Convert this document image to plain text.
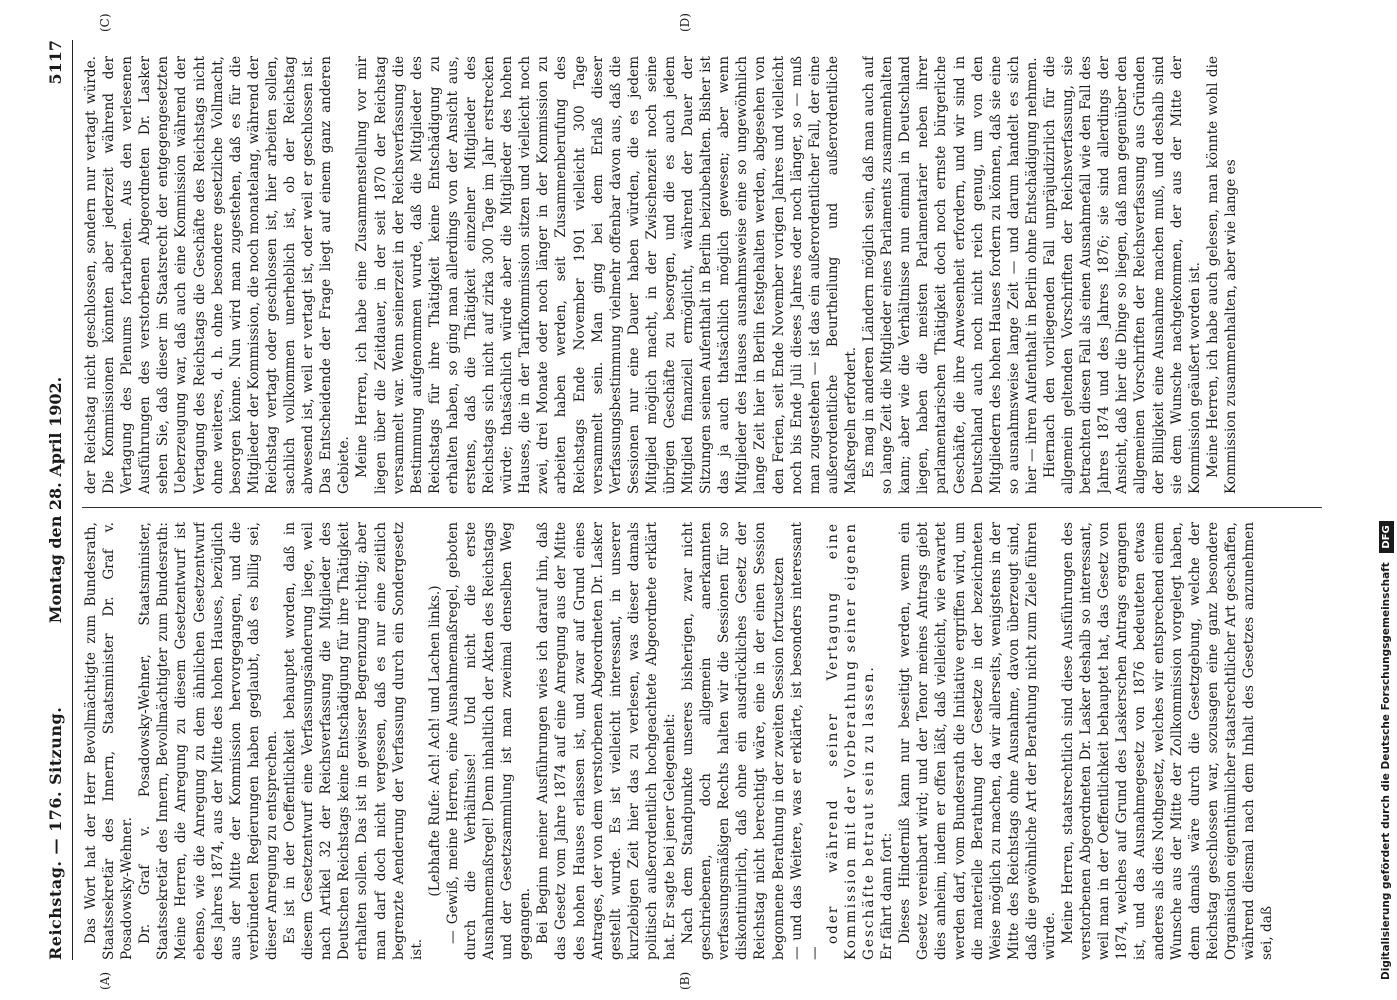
Reichstag. — 176. Sitzung.
Montag den 28. April 1902.
5117
(A)	(B)
(C)	(D)

Das Wort hat der Herr Bevollmächtigte zum Bundesrath, Staatssekretär des Innern, Staatsminister Dr. Graf v. Posadowsky-Wehner. Dr. Graf v. Posadowsky-Wehner, Staatsminister, Staatssekretär des Innern, Bevollmächtigter zum Bundesrath: Meine Herren, die Anregung zu diesem Gesetzentwurf ist ebenso, wie die Anregung zu dem ähnlichen Gesetzentwurf des Jahres 1874, aus der Mitte des hohen Hauses, bezüglich aus der Mitte der Kommission hervorgegangen, und die verbündeten Regierungen haben geglaubt, daß es billig sei, dieser Anregung zu entsprechen. Es ist in der Oeffentlichkeit behauptet worden, daß in diesem Gesetzentwurf eine Verfassungsänderung liege, weil nach Artikel 32 der Reichsverfassung die Mitglieder des Deutschen Reichstags keine Entschädigung für ihre Thätigkeit erhalten sollen. Das ist in gewisser Begrenzung richtig; aber man darf doch nicht vergessen, daß es nur eine zeitlich begrenzte Aenderung der Verfassung durch ein Sondergesetz ist.

(Lebhafte Rufe: Ach! Ach! und Lachen links.) — Gewiß, meine Herren, eine Ausnahmemaßregel, geboten durch die Verhältnisse! Und nicht die erste Ausnahmemaßregel! Denn inhaltlich der Akten des Reichstags und der Gesetzsammlung ist man zweimal denselben Weg gegangen. Bei Beginn meiner Ausführungen wies ich darauf hin, daß das Gesetz vom Jahre 1874 auf eine Anregung aus der Mitte des hohen Hauses erlassen ist, und zwar auf Grund eines Antrages, der von dem verstorbenen Abgeordneten Dr. Lasker gestellt wurde. Es ist vielleicht interessant, in unserer kurzlebigen Zeit hier das zu verlesen, was dieser damals politisch außerordentlich hochgeachtete Abgeordnete erklärt hat. Er sagte bei jener Gelegenheit: Nach dem Standpunkte unseres bisherigen, zwar nicht geschriebenen, doch allgemein anerkannten verfassungsmäßigen Rechts halten wir die Sessionen für so diskontinuirlich, daß ohne ein ausdrückliches Gesetz der Reichstag nicht berechtigt wäre, eine in der einen Session begonnene Berathung in der zweiten Session fortzusetzen — und das Weitere, was er erklärte, ist besonders interessant —

oder während seiner Vertagung eine Kommission mit der Vorberathung seiner eigenen Geschäfte betraut sein zu lassen. Er fährt dann fort: Dieses Hinderniß kann nur beseitigt werden, wenn ein Gesetz vereinbart wird; und der Tenor meines Antrags giebt dies anheim, indem er offen läßt, daß vielleicht, wie erwartet werden darf, vom Bundesrath die Initiative ergriffen wird, um die materielle Berathung der Gesetze in der bezeichneten Weise möglich zu machen, da wir allerseits, wenigstens in der Mitte des Reichstags ohne Ausnahme, davon überzeugt sind, daß die gewöhnliche Art der Berathung nicht zum Ziele führen würde. Meine Herren, staatsrechtlich sind diese Ausführungen des verstorbenen Abgeordneten Dr. Lasker deshalb so interessant, weil man in der Oeffentlichkeit behauptet hat, das Gesetz von 1874, welches auf Grund des Laskerschen Antrags ergangen ist, und das Ausnahmegesetz von 1876 bedeuteten etwas anderes als dies Nothgesetz, welches wir entsprechend einem Wunsche aus der Mitte der Zollkommission vorgelegt haben, denn damals wäre durch die Gesetzgebung, welche der Reichstag geschlossen war, sozusagen eine ganz besondere Organisation eigenthümlicher staatsrechtlicher Art geschaffen, während diesmal nach dem Inhalt des Gesetzes anzunehmen sei, daß

der Reichstag nicht geschlossen, sondern nur vertagt würde. Die Kommissionen könnten aber jederzeit während der Vertagung des Plenums fortarbeiten. Aus den verlesenen Ausführungen des verstorbenen Abgeordneten Dr. Lasker sehen Sie, daß dieser im Staatsrecht der entgegengesetzten Ueberzeugung war, daß auch eine Kommission während der Vertagung des Reichstags die Geschäfte des Reichstags nicht ohne weiteres, d. h. ohne besondere gesetzliche Vollmacht, besorgen könne. Nun wird man zugestehen, daß es für die Mitglieder der Kommission, die noch monatelang, während der Reichstag vertagt oder geschlossen ist, hier arbeiten sollen, sachlich vollkommen unerheblich ist, ob der Reichstag abwesend ist, weil er vertagt ist, oder weil er geschlossen ist. Das Entscheidende der Frage liegt auf einem ganz anderen Gebiete. Meine Herren, ich habe eine Zusammenstellung vor mir liegen über die Zeitdauer, in der seit 1870 der Reichstag versammelt war. Wenn seinerzeit in der Reichsverfassung die Bestimmung aufgenommen wurde, daß die Mitglieder des Reichstags für ihre Thätigkeit keine Entschädigung zu erhalten haben, so ging man allerdings von der Ansicht aus, erstens, daß die Thätigkeit einzelner Mitglieder des Reichstags sich nicht auf zirka 300 Tage im Jahr erstrecken würde; thatsächlich würde aber die Mitglieder des hohen Hauses, die in der Tarifkommission sitzen und vielleicht noch zwei, drei Monate oder noch länger in der Kommission zu arbeiten haben werden, seit Zusammenberufung des Reichstags Ende November 1901 vielleicht 300 Tage versammelt sein. Man ging bei dem Erlaß dieser Verfassungsbestimmung vielmehr offenbar davon aus, daß die Sessionen nur eine Dauer haben würden, die es jedem Mitglied möglich macht, in der Zwischenzeit noch seine übrigen Geschäfte zu besorgen, und die es auch jedem Mitglied finanziell ermöglicht, während der Dauer der Sitzungen seinen Aufenthalt in Berlin beizubehalten. Bisher ist das ja auch thatsächlich möglich gewesen; aber wenn Mitglieder des Hauses ausnahmsweise eine so ungewöhnlich lange Zeit hier in Berlin festgehalten werden, abgesehen von den Ferien, seit Ende November vorigen Jahres und vielleicht noch bis Ende Juli dieses Jahres oder noch länger, so — muß man zugestehen — ist das ein außerordentlicher Fall, der eine außerordentliche Beurtheilung und außerordentliche Maßregeln erfordert. Es mag in anderen Ländern möglich sein, daß man auch auf so lange Zeit die Mitglieder eines Parlaments zusammenhalten kann; aber wie die Verhältnisse nun einmal in Deutschland liegen, haben die meisten Parlamentarier neben ihrer parlamentarischen Thätigkeit doch noch ernste bürgerliche Geschäfte, die ihre Anwesenheit erfordern, und wir sind in Deutschland auch noch nicht reich genug, um von den Mitgliedern des hohen Hauses fordern zu können, daß sie eine so ausnahmsweise lange Zeit — und darum handelt es sich hier — ihren Aufenthalt in Berlin ohne Entschädigung nehmen. Hiernach den vorliegenden Fall unpräjudizirlich für die allgemein geltenden Vorschriften der Reichsverfassung, sie betrachten diesen Fall als einen Ausnahmefall wie den Fall des Jahres 1874 und des Jahres 1876; sie sind allerdings der Ansicht, daß hier die Dinge so liegen, daß man gegenüber den allgemeinen Vorschriften der Reichsverfassung aus Gründen der Billigkeit eine Ausnahme machen muß, und deshalb sind sie dem Wunsche nachgekommen, der aus der Mitte der Kommission geäußert worden ist. Meine Herren, ich habe auch gelesen, man könnte wohl die Kommission zusammenhalten, aber wie lange es

Digitalisierung gefördert durch die Deutsche Forschungsgemeinschaft DFG
